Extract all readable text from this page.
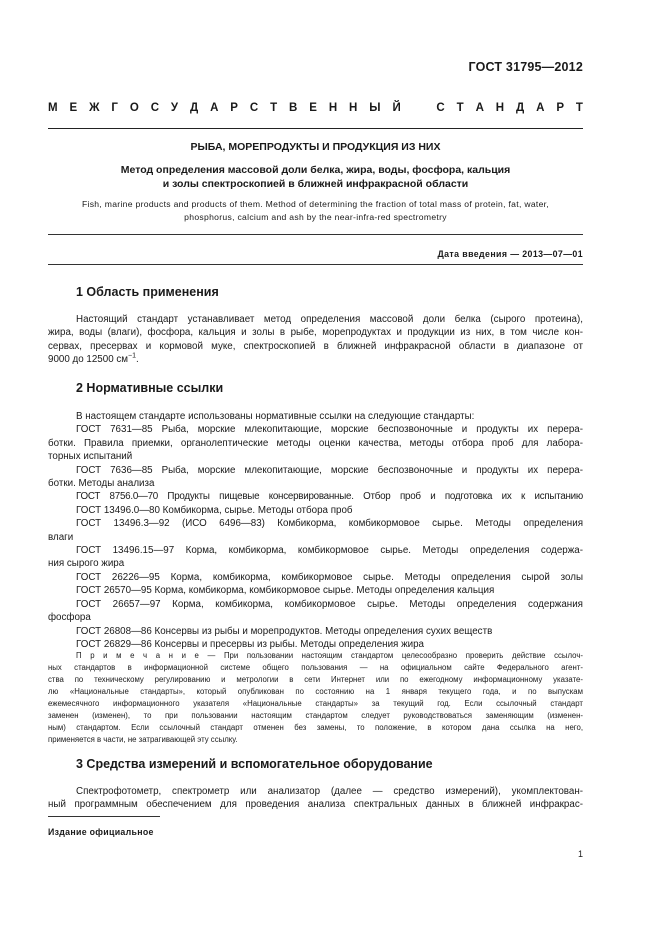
ГОСТ 31795—2012
М Е Ж Г О С У Д А Р С Т В Е Н Н Ы Й	С Т А Н Д А Р Т
РЫБА, МОРЕПРОДУКТЫ И ПРОДУКЦИЯ ИЗ НИХ
Метод определения массовой доли белка, жира, воды, фосфора, кальция
и золы спектроскопией в ближней инфракрасной области
Fish, marine products and products of them. Method of determining the fraction of total mass of protein, fat, water,
phosphorus, calcium and ash by the near-infra-red spectrometry
Дата введения — 2013—07—01
1 Область применения
Настоящий стандарт устанавливает метод определения массовой доли белка (сырого протеина),
жира, воды (влаги), фосфора, кальция и золы в рыбе, морепродуктах и продукции из них, в том числе кон-
сервах, пресервах и кормовой муке, спектроскопией в ближней инфракрасной области в диапазоне от
9000 до 12500 $см^{-1}$.
2 Нормативные ссылки
В настоящем стандарте использованы нормативные ссылки на следующие стандарты:
ГОСТ 7631—85 Рыба, морские млекопитающие, морские беспозвоночные и продукты их перера-
ботки. Правила приемки, органолептические методы оценки качества, методы отбора проб для лабора-
торных испытаний
ГОСТ 7636—85 Рыба, морские млекопитающие, морские беспозвоночные и продукты их перера-
ботки. Методы анализа
ГОСТ 8756.0—70 Продукты пищевые консервированные. Отбор проб и подготовка их к испытанию
ГОСТ 13496.0—80 Комбикорма, сырье. Методы отбора проб
ГОСТ 13496.3—92 (ИСО 6496—83) Комбикорма, комбикормовое сырье. Методы определения
влаги
ГОСТ 13496.15—97 Корма, комбикорма, комбикормовое сырье. Методы определения содержа-
ния сырого жира
ГОСТ 26226—95 Корма, комбикорма, комбикормовое сырье. Методы определения сырой золы
ГОСТ 26570—95 Корма, комбикорма, комбикормовое сырье. Методы определения кальция
ГОСТ 26657—97 Корма, комбикорма, комбикормовое сырье. Методы определения содержания
фосфора
ГОСТ 26808—86 Консервы из рыбы и морепродуктов. Методы определения сухих веществ
ГОСТ 26829—86 Консервы и пресервы из рыбы. Методы определения жира
П р и м е ч а н и е — При пользовании настоящим стандартом целесообразно проверить действие ссылоч-
ных стандартов в информационной системе общего пользования — на официальном сайте Федерального агент-
ства по техническому регулированию и метрологии в сети Интернет или по ежегодному информационному указате-
лю «Национальные стандарты», который опубликован по состоянию на 1 января текущего года, и по выпускам
ежемесячного информационного указателя «Национальные стандарты» за текущий год. Если ссылочный стандарт
заменен (изменен), то при пользовании настоящим стандартом следует руководствоваться заменяющим (изменен-
ным) стандартом. Если ссылочный стандарт отменен без замены, то положение, в котором дана ссылка на него,
применяется в части, не затрагивающей эту ссылку.
3 Средства измерений и вспомогательное оборудование
Спектрофотометр, спектрометр или анализатор (далее — средство измерений), укомплектован-
ный программным обеспечением для проведения анализа спектральных данных в ближней инфракрас-
Издание официальное
1
